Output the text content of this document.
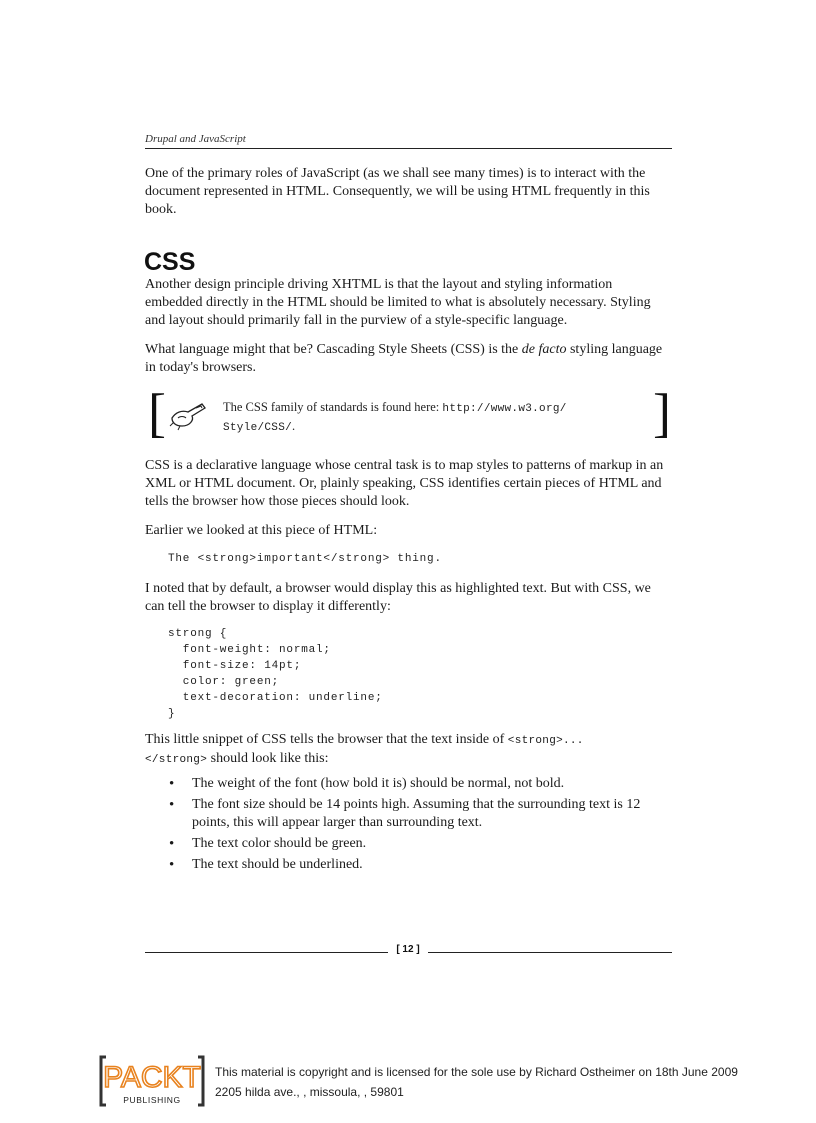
Drupal and JavaScript

One of the primary roles of JavaScript (as we shall see many times) is to interact with the document represented in HTML. Consequently, we will be using HTML frequently in this book.

CSS

Another design principle driving XHTML is that the layout and styling information embedded directly in the HTML should be limited to what is absolutely necessary. Styling and layout should primarily fall in the purview of a style-specific language.

What language might that be? Cascading Style Sheets (CSS) is the de facto styling language in today's browsers.

[	The CSS family of standards is found here: http://www.w3.org/
Style/CSS/.	]

CSS is a declarative language whose central task is to map styles to patterns of markup in an XML or HTML document. Or, plainly speaking, CSS identifies certain pieces of HTML and tells the browser how those pieces should look.

Earlier we looked at this piece of HTML:

The <strong>important</strong> thing.

I noted that by default, a browser would display this as highlighted text. But with CSS, we can tell the browser to display it differently:

strong {
font-weight: normal;
font-size: 14pt;
color: green;
text-decoration: underline;
}

This little snippet of CSS tells the browser that the text inside of <strong>...
</strong> should look like this:

• The weight of the font (how bold it is) should be normal, not bold.
• The font size should be 14 points high. Assuming that the surrounding text is 12 points, this will appear larger than surrounding text.
• The text color should be green.
• The text should be underlined.
[ 12 ]
PACKT
PUBLISHING
This material is copyright and is licensed for the sole use by Richard Ostheimer on 18th June 2009
2205 hilda ave., , missoula, , 59801
